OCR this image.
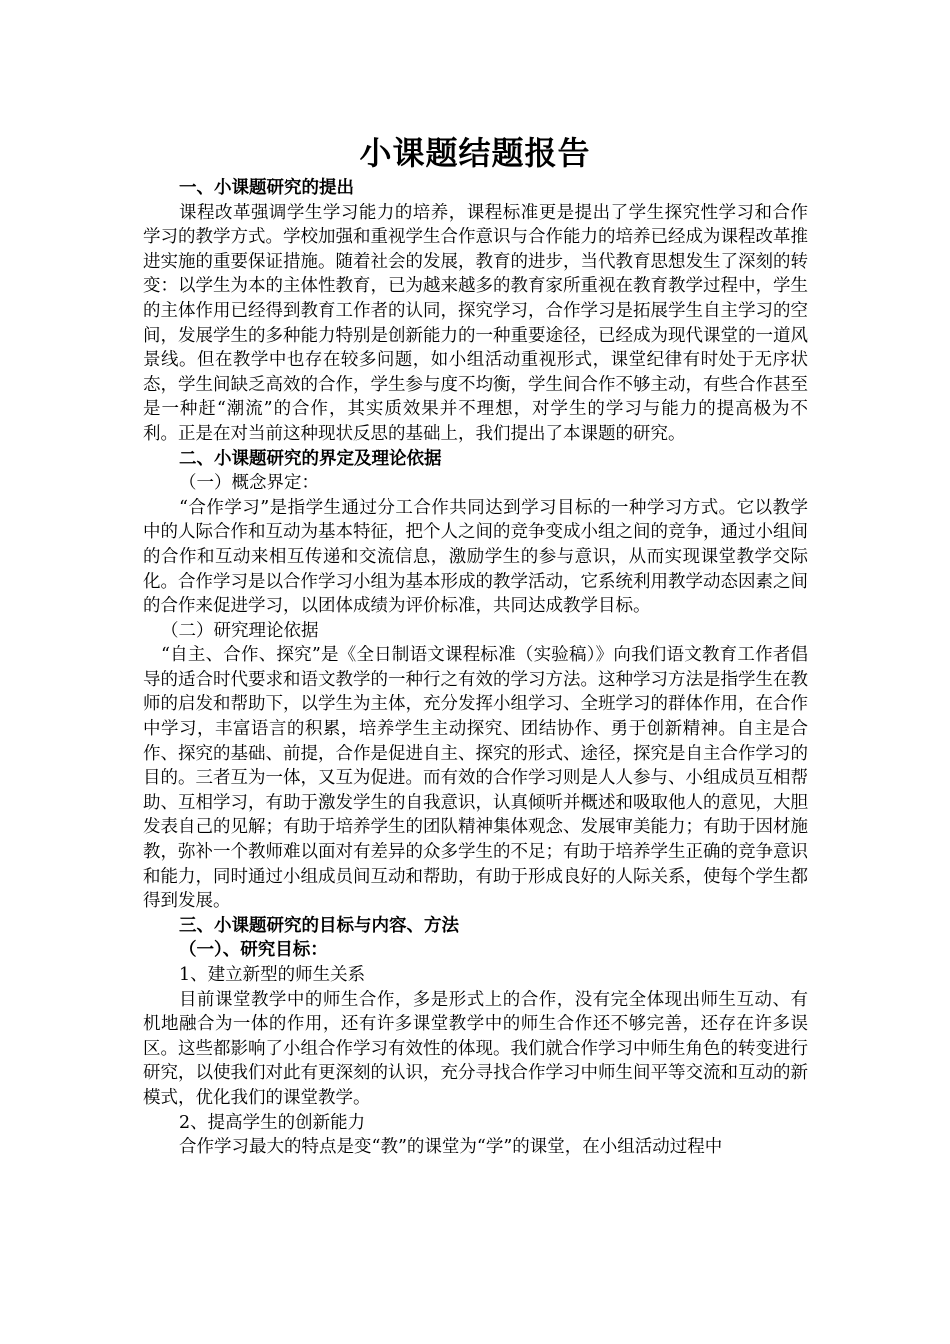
小课题结题报告

一、小课题研究的提出

课程改革强调学生学习能力的培养，课程标准更是提出了学生探究性学习和合作学习的教学方式。学校加强和重视学生合作意识与合作能力的培养已经成为课程改革推进实施的重要保证措施。随着社会的发展，教育的进步，当代教育思想发生了深刻的转变：以学生为本的主体性教育，已为越来越多的教育家所重视在教育教学过程中，学生的主体作用已经得到教育工作者的认同，探究学习，合作学习是拓展学生自主学习的空间，发展学生的多种能力特别是创新能力的一种重要途径，已经成为现代课堂的一道风景线。但在教学中也存在较多问题，如小组活动重视形式，课堂纪律有时处于无序状态，学生间缺乏高效的合作，学生参与度不均衡，学生间合作不够主动，有些合作甚至是一种赶“潮流”的合作，其实质效果并不理想，对学生的学习与能力的提高极为不利。正是在对当前这种现状反思的基础上，我们提出了本课题的研究。

二、小课题研究的界定及理论依据

（一）概念界定：

“合作学习”是指学生通过分工合作共同达到学习目标的一种学习方式。它以教学中的人际合作和互动为基本特征，把个人之间的竞争变成小组之间的竞争，通过小组间的合作和互动来相互传递和交流信息，激励学生的参与意识，从而实现课堂教学交际化。合作学习是以合作学习小组为基本形成的教学活动，它系统利用教学动态因素之间的合作来促进学习，以团体成绩为评价标准，共同达成教学目标。

（二）研究理论依据

“自主、合作、探究”是《全日制语文课程标准（实验稿）》向我们语文教育工作者倡导的适合时代要求和语文教学的一种行之有效的学习方法。这种学习方法是指学生在教师的启发和帮助下，以学生为主体，充分发挥小组学习、全班学习的群体作用，在合作中学习，丰富语言的积累，培养学生主动探究、团结协作、勇于创新精神。自主是合作、探究的基础、前提，合作是促进自主、探究的形式、途径，探究是自主合作学习的目的。三者互为一体，又互为促进。而有效的合作学习则是人人参与、小组成员互相帮助、互相学习，有助于激发学生的自我意识，认真倾听并概述和吸取他人的意见，大胆发表自己的见解；有助于培养学生的团队精神集体观念、发展审美能力；有助于因材施教，弥补一个教师难以面对有差异的众多学生的不足；有助于培养学生正确的竞争意识和能力，同时通过小组成员间互动和帮助，有助于形成良好的人际关系，使每个学生都得到发展。

三、小课题研究的目标与内容、方法

（一）、研究目标：

1、建立新型的师生关系

目前课堂教学中的师生合作，多是形式上的合作，没有完全体现出师生互动、有机地融合为一体的作用，还有许多课堂教学中的师生合作还不够完善，还存在许多误区。这些都影响了小组合作学习有效性的体现。我们就合作学习中师生角色的转变进行研究，以使我们对此有更深刻的认识，充分寻找合作学习中师生间平等交流和互动的新模式，优化我们的课堂教学。

2、提高学生的创新能力

合作学习最大的特点是变“教”的课堂为“学”的课堂，在小组活动过程中
